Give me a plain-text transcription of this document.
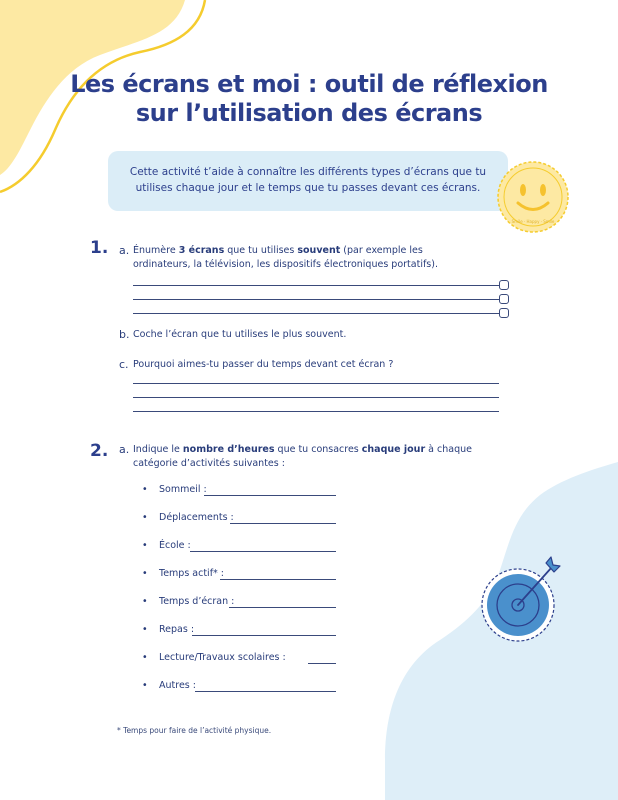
Les écrans et moi : outil de réflexion
sur l’utilisation des écrans
Cette activité t’aide à connaître les différents types d’écrans que tu utilises chaque jour et le temps que tu passes devant ces écrans.
Smile · Happy · Smile
1. a. Énumère 3 écrans que tu utilises souvent (par exemple les ordinateurs, la télévision, les dispositifs électroniques portatifs).
b. Coche l’écran que tu utilises le plus souvent.
c. Pourquoi aimes-tu passer du temps devant cet écran ?
2. a. Indique le nombre d’heures que tu consacres chaque jour à chaque catégorie d’activités suivantes :
• Sommeil :
• Déplacements :
• École :
• Temps actif* :
• Temps d’écran :
• Repas :
• Lecture/Travaux scolaires :
• Autres :
* Temps pour faire de l’activité physique.
